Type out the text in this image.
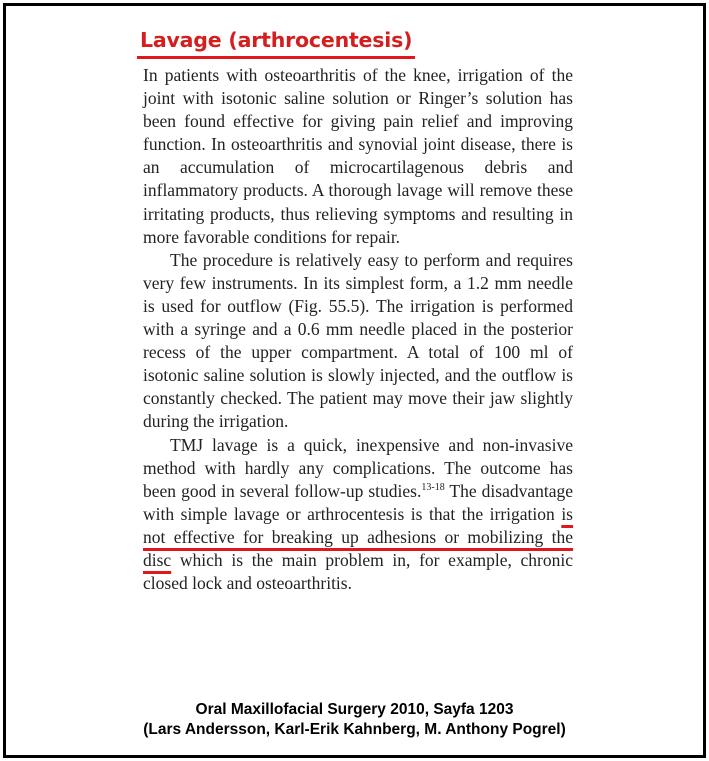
Lavage (arthrocentesis)

In patients with osteoarthritis of the knee, irrigation of the joint with isotonic saline solution or Ringer’s solution has been found effective for giving pain relief and improving function. In osteoarthritis and synovial joint disease, there is an accumulation of microcartilagenous debris and inflammatory products. A thorough lavage will remove these irritating products, thus relieving symptoms and resulting in more favorable conditions for repair.

The procedure is relatively easy to perform and requires very few instruments. In its simplest form, a 1.2 mm needle is used for outflow (Fig. 55.5). The irrigation is performed with a syringe and a 0.6 mm needle placed in the posterior recess of the upper compartment. A total of 100 ml of isotonic saline solution is slowly injected, and the outflow is constantly checked. The patient may move their jaw slightly during the irrigation.

TMJ lavage is a quick, inexpensive and non-invasive method with hardly any complications. The outcome has been good in several follow-up studies.$^{13-18}$ The disadvantage with simple lavage or arthrocentesis is that the irrigation is not effective for breaking up adhesions or mobilizing the disc which is the main problem in, for example, chronic closed lock and osteoarthritis.

Oral Maxillofacial Surgery 2010, Sayfa 1203
(Lars Andersson, Karl-Erik Kahnberg, M. Anthony Pogrel)
